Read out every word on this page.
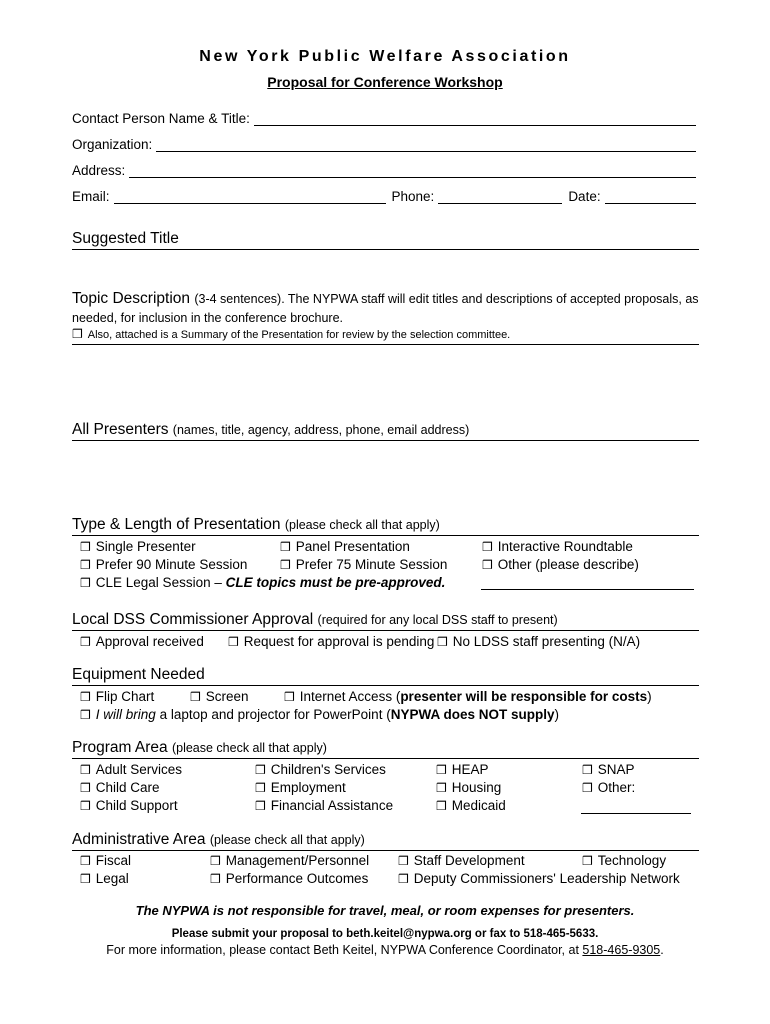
New York Public Welfare Association
Proposal for Conference Workshop
Contact Person Name & Title:
Organization:
Address:
Email:	Phone:	Date:
Suggested Title
Topic Description (3-4 sentences). The NYPWA staff will edit titles and descriptions of accepted proposals, as
needed, for inclusion in the conference brochure.
❒ Also, attached is a Summary of the Presentation for review by the selection committee.
All Presenters (names, title, agency, address, phone, email address)
Type & Length of Presentation (please check all that apply)
❒ Single Presenter	❒ Panel Presentation	❒ Interactive Roundtable
❒ Prefer 90 Minute Session	❒ Prefer 75 Minute Session	❒ Other (please describe)
❒ CLE Legal Session – CLE topics must be pre-approved.
Local DSS Commissioner Approval (required for any local DSS staff to present)
❒ Approval received ❒ Request for approval is pending ❒ No LDSS staff presenting (N/A)
Equipment Needed
❒ Flip Chart	❒ Screen	❒ Internet Access (presenter will be responsible for costs)
❒ I will bring a laptop and projector for PowerPoint (NYPWA does NOT supply)
Program Area (please check all that apply)
❒ Adult Services	❒ Children's Services	❒ HEAP	❒ SNAP
❒ Child Care	❒ Employment	❒ Housing	❒ Other:
❒ Child Support	❒ Financial Assistance	❒ Medicaid
Administrative Area (please check all that apply)
❒ Fiscal	❒ Management/Personnel ❒ Staff Development	❒ Technology
❒ Legal	❒ Performance Outcomes ❒ Deputy Commissioners' Leadership Network
The NYPWA is not responsible for travel, meal, or room expenses for presenters.
Please submit your proposal to beth.keitel@nypwa.org or fax to 518-465-5633.
For more information, please contact Beth Keitel, NYPWA Conference Coordinator, at 518-465-9305.
